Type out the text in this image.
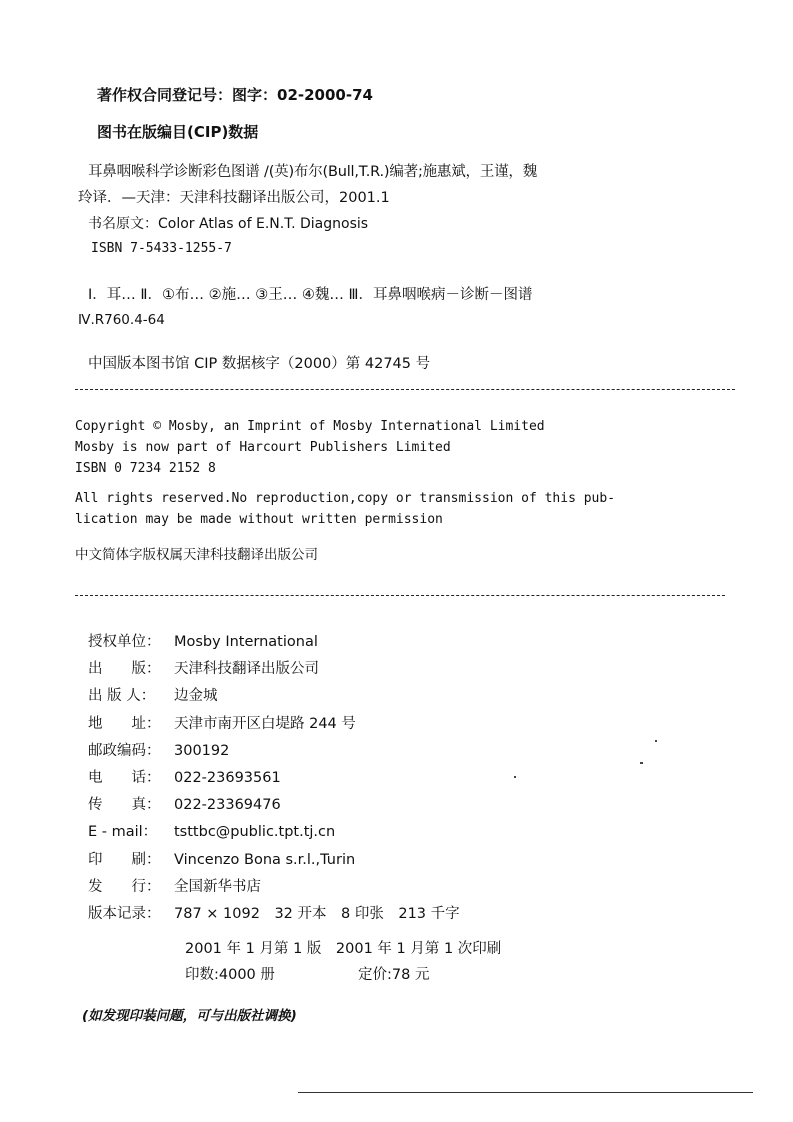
著作权合同登记号：图字：02-2000-74
图书在版编目(CIP)数据
耳鼻咽喉科学诊断彩色图谱 /(英)布尔(Bull,T.R.)编著;施惠斌，王谨，魏
玲译．—天津：天津科技翻译出版公司，2001.1
书名原文：Color Atlas of E.N.T. Diagnosis
ISBN 7-5433-1255-7
Ⅰ．耳… Ⅱ．①布… ②施… ③王… ④魏… Ⅲ．耳鼻咽喉病－诊断－图谱
Ⅳ.R760.4-64
中国版本图书馆 CIP 数据核字（2000）第 42745 号
Copyright © Mosby, an Imprint of Mosby International Limited
Mosby is now part of Harcourt Publishers Limited
ISBN 0 7234 2152 8
All rights reserved.No reproduction,copy or transmission of this pub-
lication may be made without written permission
中文简体字版权属天津科技翻译出版公司
授权单位： Mosby International
出　　版： 天津科技翻译出版公司
出 版 人： 边金城
地　　址： 天津市南开区白堤路 244 号
邮政编码： 300192
电　　话： 022-23693561
传　　真： 022-23369476
E - mail： tsttbc@public.tpt.tj.cn
印　　刷： Vincenzo Bona s.r.l.,Turin
发　　行： 全国新华书店
版本记录： 787 × 1092　32 开本　8 印张　213 千字
2001 年 1 月第 1 版　2001 年 1 月第 1 次印刷
印数:4000 册	定价:78 元
(如发现印装问题，可与出版社调换)
